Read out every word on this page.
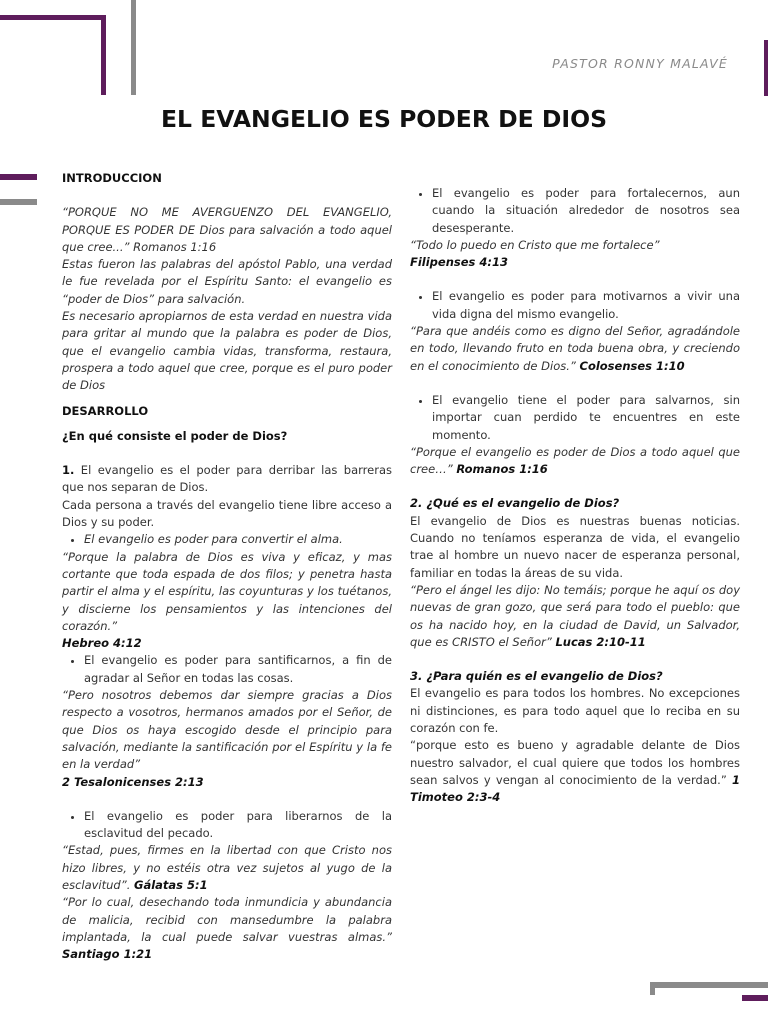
PASTOR RONNY MALAVÉ
EL EVANGELIO ES PODER DE DIOS

INTRODUCCION

“PORQUE NO ME AVERGUENZO DEL EVANGELIO, PORQUE ES PODER DE Dios para salvación a todo aquel que cree...” Romanos 1:16

Estas fueron las palabras del apóstol Pablo, una verdad le fue revelada por el Espíritu Santo: el evangelio es “poder de Dios” para salvación.

Es necesario apropiarnos de esta verdad en nuestra vida para gritar al mundo que la palabra es poder de Dios, que el evangelio cambia vidas, transforma, restaura, prospera a todo aquel que cree, porque es el puro poder de Dios

DESARROLLO

¿En qué consiste el poder de Dios?

1. El evangelio es el poder para derribar las barreras que nos separan de Dios.

Cada persona a través del evangelio tiene libre acceso a Dios y su poder.

• El evangelio es poder para convertir el alma.

“Porque la palabra de Dios es viva y eficaz, y mas cortante que toda espada de dos filos; y penetra hasta partir el alma y el espíritu, las coyunturas y los tuétanos, y discierne los pensamientos y las intenciones del corazón.”

Hebreo 4:12

• El evangelio es poder para santificarnos, a fin de agradar al Señor en todas las cosas.

“Pero nosotros debemos dar siempre gracias a Dios respecto a vosotros, hermanos amados por el Señor, de que Dios os haya escogido desde el principio para salvación, mediante la santificación por el Espíritu y la fe en la verdad”

2 Tesalonicenses 2:13

• El evangelio es poder para liberarnos de la esclavitud del pecado.

“Estad, pues, firmes en la libertad con que Cristo nos hizo libres, y no estéis otra vez sujetos al yugo de la esclavitud”. Gálatas 5:1

“Por lo cual, desechando toda inmundicia y abundancia de malicia, recibid con mansedumbre la palabra implantada, la cual puede salvar vuestras almas.” Santiago 1:21

• El evangelio es poder para fortalecernos, aun cuando la situación alrededor de nosotros sea desesperante.

“Todo lo puedo en Cristo que me fortalece”

Filipenses 4:13

• El evangelio es poder para motivarnos a vivir una vida digna del mismo evangelio.

“Para que andéis como es digno del Señor, agradándole en todo, llevando fruto en toda buena obra, y creciendo en el conocimiento de Dios.” Colosenses 1:10

• El evangelio tiene el poder para salvarnos, sin importar cuan perdido te encuentres en este momento.

“Porque el evangelio es poder de Dios a todo aquel que cree…” Romanos 1:16

2. ¿Qué es el evangelio de Dios?

El evangelio de Dios es nuestras buenas noticias. Cuando no teníamos esperanza de vida, el evangelio trae al hombre un nuevo nacer de esperanza personal, familiar en todas la áreas de su vida.

“Pero el ángel les dijo: No temáis; porque he aquí os doy nuevas de gran gozo, que será para todo el pueblo: que os ha nacido hoy, en la ciudad de David, un Salvador, que es CRISTO el Señor” Lucas 2:10-11

3. ¿Para quién es el evangelio de Dios?

El evangelio es para todos los hombres. No excepciones ni distinciones, es para todo aquel que lo reciba en su corazón con fe.

“porque esto es bueno y agradable delante de Dios nuestro salvador, el cual quiere que todos los hombres sean salvos y vengan al conocimiento de la verdad.” 1 Timoteo 2:3-4
